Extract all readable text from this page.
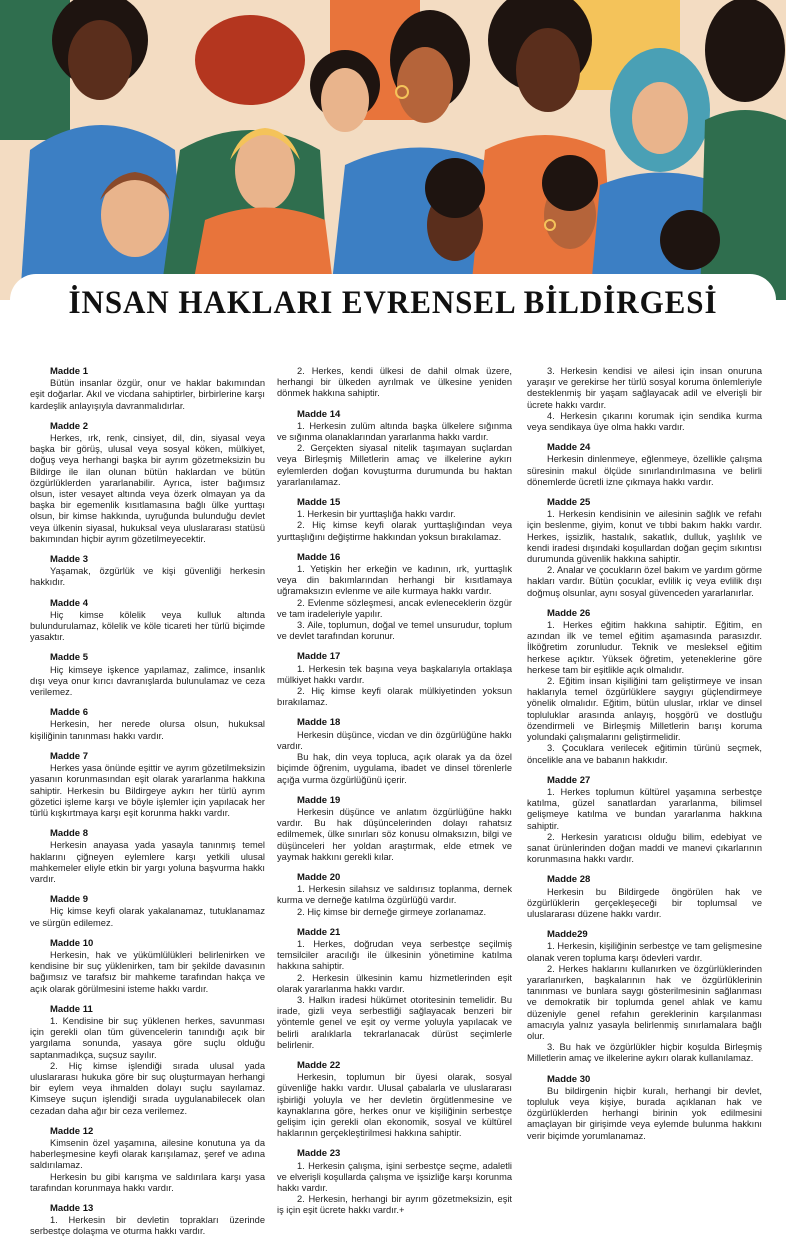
İNSAN HAKLARI EVRENSEL BİLDİRGESİ
Madde 1

Bütün insanlar özgür, onur ve haklar bakımından eşit doğarlar. Akıl ve vicdana sahiptirler, birbirlerine karşı kardeşlik anlayışıyla davranmalıdırlar.

Madde 2

Herkes, ırk, renk, cinsiyet, dil, din, siyasal veya başka bir görüş, ulusal veya sosyal köken, mülkiyet, doğuş veya herhangi başka bir ayrım gözetmeksizin bu Bildirge ile ilan olunan bütün haklardan ve bütün özgürlüklerden yararlanabilir. Ayrıca, ister bağımsız olsun, ister vesayet altında veya özerk olmayan ya da başka bir egemenlik kısıtlamasına bağlı ülke yurttaşı olsun, bir kimse hakkında, uyruğunda bulunduğu devlet veya ülkenin siyasal, hukuksal veya uluslararası statüsü bakımından hiçbir ayrım gözetilmeyecektir.

Madde 3

Yaşamak, özgürlük ve kişi güvenliği herkesin hakkıdır.

Madde 4

Hiç kimse kölelik veya kulluk altında bulundurulamaz, kölelik ve köle ticareti her türlü biçimde yasaktır.

Madde 5

Hiç kimseye işkence yapılamaz, zalimce, insanlık dışı veya onur kırıcı davranışlarda bulunulamaz ve ceza verilemez.

Madde 6

Herkesin, her nerede olursa olsun, hukuksal kişiliğinin tanınması hakkı vardır.

Madde 7

Herkes yasa önünde eşittir ve ayrım gözetilmeksizin yasanın korunmasından eşit olarak yararlanma hakkına sahiptir. Herkesin bu Bildirgeye aykırı her türlü ayrım gözetici işleme karşı ve böyle işlemler için yapılacak her türlü kışkırtmaya karşı eşit korunma hakkı vardır.

Madde 8

Herkesin anayasa yada yasayla tanınmış temel haklarını çiğneyen eylemlere karşı yetkili ulusal mahkemeler eliyle etkin bir yargı yoluna başvurma hakkı vardır.

Madde 9

Hiç kimse keyfi olarak yakalanamaz, tutuklanamaz ve sürgün edilemez.

Madde 10

Herkesin, hak ve yükümlülükleri belirlenirken ve kendisine bir suç yüklenirken, tam bir şekilde davasının bağımsız ve tarafsız bir mahkeme tarafından hakça ve açık olarak görülmesini isteme hakkı vardır.

Madde 11

1. Kendisine bir suç yüklenen herkes, savunması için gerekli olan tüm güvencelerin tanındığı açık bir yargılama sonunda, yasaya göre suçlu olduğu saptanmadıkça, suçsuz sayılır.

2. Hiç kimse işlendiği sırada ulusal yada uluslararası hukuka göre bir suç oluşturmayan herhangi bir eylem veya ihmalden dolayı suçlu sayılamaz. Kimseye suçun işlendiği sırada uygulanabilecek olan cezadan daha ağır bir ceza verilemez.

Madde 12

Kimsenin özel yaşamına, ailesine konutuna ya da haberleşmesine keyfi olarak karışılamaz, şeref ve adına saldırılamaz.

Herkesin bu gibi karışma ve saldırılara karşı yasa tarafından korunmaya hakkı vardır.

Madde 13

1. Herkesin bir devletin toprakları üzerinde serbestçe dolaşma ve oturma hakkı vardır.

2. Herkes, kendi ülkesi de dahil olmak üzere, herhangi bir ülkeden ayrılmak ve ülkesine yeniden dönmek hakkına sahiptir.

Madde 14

1. Herkesin zulüm altında başka ülkelere sığınma ve sığınma olanaklarından yararlanma hakkı vardır.

2. Gerçekten siyasal nitelik taşımayan suçlardan veya Birleşmiş Milletlerin amaç ve ilkelerine aykırı eylemlerden doğan kovuşturma durumunda bu haktan yararlanılamaz.

Madde 15

1. Herkesin bir yurttaşlığa hakkı vardır.

2. Hiç kimse keyfi olarak yurttaşlığından veya yurttaşlığını değiştirme hakkından yoksun bırakılamaz.

Madde 16

1. Yetişkin her erkeğin ve kadının, ırk, yurttaşlık veya din bakımlarından herhangi bir kısıtlamaya uğramaksızın evlenme ve aile kurmaya hakkı vardır.

2. Evlenme sözleşmesi, ancak evleneceklerin özgür ve tam iradeleriyle yapılır.

3. Aile, toplumun, doğal ve temel unsurudur, toplum ve devlet tarafından korunur.

Madde 17

1. Herkesin tek başına veya başkalarıyla ortaklaşa mülkiyet hakkı vardır.

2. Hiç kimse keyfi olarak mülkiyetinden yoksun bırakılamaz.

Madde 18

Herkesin düşünce, vicdan ve din özgürlüğüne hakkı vardır.

Bu hak, din veya topluca, açık olarak ya da özel biçimde öğrenim, uygulama, ibadet ve dinsel törenlerle açığa vurma özgürlüğünü içerir.

Madde 19

Herkesin düşünce ve anlatım özgürlüğüne hakkı vardır. Bu hak düşüncelerinden dolayı rahatsız edilmemek, ülke sınırları söz konusu olmaksızın, bilgi ve düşünceleri her yoldan araştırmak, elde etmek ve yaymak hakkını gerekli kılar.

Madde 20

1. Herkesin silahsız ve saldırısız toplanma, dernek kurma ve derneğe katılma özgürlüğü vardır.

2. Hiç kimse bir derneğe girmeye zorlanamaz.

Madde 21

1. Herkes, doğrudan veya serbestçe seçilmiş temsilciler aracılığı ile ülkesinin yönetimine katılma hakkına sahiptir.

2. Herkesin ülkesinin kamu hizmetlerinden eşit olarak yararlanma hakkı vardır.

3. Halkın iradesi hükümet otoritesinin temelidir. Bu irade, gizli veya serbestliği sağlayacak benzeri bir yöntemle genel ve eşit oy verme yoluyla yapılacak ve belirli aralıklarla tekrarlanacak dürüst seçimlerle belirlenir.

Madde 22

Herkesin, toplumun bir üyesi olarak, sosyal güvenliğe hakkı vardır. Ulusal çabalarla ve uluslararası işbirliği yoluyla ve her devletin örgütlenmesine ve kaynaklarına göre, herkes onur ve kişiliğinin serbestçe gelişim için gerekli olan ekonomik, sosyal ve kültürel haklarının gerçekleştirilmesi hakkına sahiptir.

Madde 23

1. Herkesin çalışma, işini serbestçe seçme, adaletli ve elverişli koşullarda çalışma ve işsizliğe karşı korunma hakkı vardır.

2. Herkesin, herhangi bir ayrım gözetmeksizin, eşit iş için eşit ücrete hakkı vardır.+

3. Herkesin kendisi ve ailesi için insan onuruna yaraşır ve gerekirse her türlü sosyal koruma önlemleriyle desteklenmiş bir yaşam sağlayacak adil ve elverişli bir ücrete hakkı vardır.

4. Herkesin çıkarını korumak için sendika kurma veya sendikaya üye olma hakkı vardır.

Madde 24

Herkesin dinlenmeye, eğlenmeye, özellikle çalışma süresinin makul ölçüde sınırlandırılmasına ve belirli dönemlerde ücretli izne çıkmaya hakkı vardır.

Madde 25

1. Herkesin kendisinin ve ailesinin sağlık ve refahı için beslenme, giyim, konut ve tıbbi bakım hakkı vardır. Herkes, işsizlik, hastalık, sakatlık, dulluk, yaşlılık ve kendi iradesi dışındaki koşullardan doğan geçim sıkıntısı durumunda güvenlik hakkına sahiptir.

2. Analar ve çocukların özel bakım ve yardım görme hakları vardır. Bütün çocuklar, evlilik iç veya evlilik dışı doğmuş olsunlar, aynı sosyal güvenceden yararlanırlar.

Madde 26

1. Herkes eğitim hakkına sahiptir. Eğitim, en azından ilk ve temel eğitim aşamasında parasızdır. İlköğretim zorunludur. Teknik ve mesleksel eğitim herkese açıktır. Yüksek öğretim, yeteneklerine göre herkese tam bir eşitlikle açık olmalıdır.

2. Eğitim insan kişiliğini tam geliştirmeye ve insan haklarıyla temel özgürlüklere saygıyı güçlendirmeye yönelik olmalıdır. Eğitim, bütün uluslar, ırklar ve dinsel topluluklar arasında anlayış, hoşgörü ve dostluğu özendirmeli ve Birleşmiş Milletlerin barışı koruma yolundaki çalışmalarını geliştirmelidir.

3. Çocuklara verilecek eğitimin türünü seçmek, öncelikle ana ve babanın hakkıdır.

Madde 27

1. Herkes toplumun kültürel yaşamına serbestçe katılma, güzel sanatlardan yararlanma, bilimsel gelişmeye katılma ve bundan yararlanma hakkına sahiptir.

2. Herkesin yaratıcısı olduğu bilim, edebiyat ve sanat ürünlerinden doğan maddi ve manevi çıkarlarının korunmasına hakkı vardır.

Madde 28

Herkesin bu Bildirgede öngörülen hak ve özgürlüklerin gerçekleşeceği bir toplumsal ve uluslararası düzene hakkı vardır.

Madde29

1. Herkesin, kişiliğinin serbestçe ve tam gelişmesine olanak veren topluma karşı ödevleri vardır.

2. Herkes haklarını kullanırken ve özgürlüklerinden yararlanırken, başkalarının hak ve özgürlüklerinin tanınması ve bunlara saygı gösterilmesinin sağlanması ve demokratik bir toplumda genel ahlak ve kamu düzeniyle genel refahın gereklerinin karşılanması amacıyla yalnız yasayla belirlenmiş sınırlamalara bağlı olur.

3. Bu hak ve özgürlükler hiçbir koşulda Birleşmiş Milletlerin amaç ve ilkelerine aykırı olarak kullanılamaz.

Madde 30

Bu bildirgenin hiçbir kuralı, herhangi bir devlet, topluluk veya kişiye, burada açıklanan hak ve özgürlüklerden herhangi birinin yok edilmesini amaçlayan bir girişimde veya eylemde bulunma hakkını verir biçimde yorumlanamaz.
